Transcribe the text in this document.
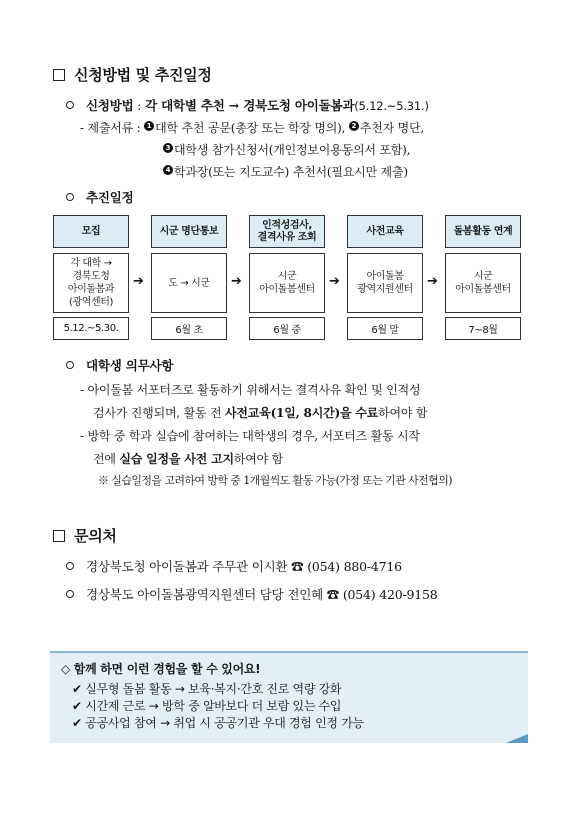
신청방법 및 추진일정
신청방법 : 각 대학별 추천 → 경북도청 아이돌봄과(5.12.~5.31.)
- 제출서류 : 1 대학 추천 공문(총장 또는 학장 명의), 2 추천자 명단,
3 대학생 참가신청서(개인정보이용동의서 포함),
4 학과장(또는 지도교수) 추천서(필요시만 제출)
추진일정
모집
각 대학 →
경북도청
아이돌봄과
(광역센터)
5.12.~5.30.
➔
시군 명단통보
도 → 시군
6월 초
➔
인적성검사,
결격사유 조회
시군
아이돌봄센터
6월 중
➔
사전교육
아이돌봄
광역지원센터
6월 말
➔
돌봄활동 연계
시군
아이돌봄센터
7~8월
대학생 의무사항
- 아이돌봄 서포터즈로 활동하기 위해서는 결격사유 확인 및 인적성
검사가 진행되며, 활동 전 사전교육(1일, 8시간)을 수료하여야 함
- 방학 중 학과 실습에 참여하는 대학생의 경우, 서포터즈 활동 시작
전에 실습 일정을 사전 고지하여야 함
※ 실습일정을 고려하여 방학 중 1개월씩도 활동 가능(가정 또는 기관 사전협의)
문의처
경상북도청 아이돌봄과 주무관 이시환 ☎ (054) 880-4716
경상북도 아이돌봄광역지원센터 담당 전인혜 ☎ (054) 420-9158
◇ 함께 하면 이런 경험을 할 수 있어요!
✔ 실무형 돌봄 활동 → 보육·복지·간호 진로 역량 강화
✔ 시간제 근로 → 방학 중 알바보다 더 보람 있는 수입
✔ 공공사업 참여 → 취업 시 공공기관 우대 경험 인정 가능
